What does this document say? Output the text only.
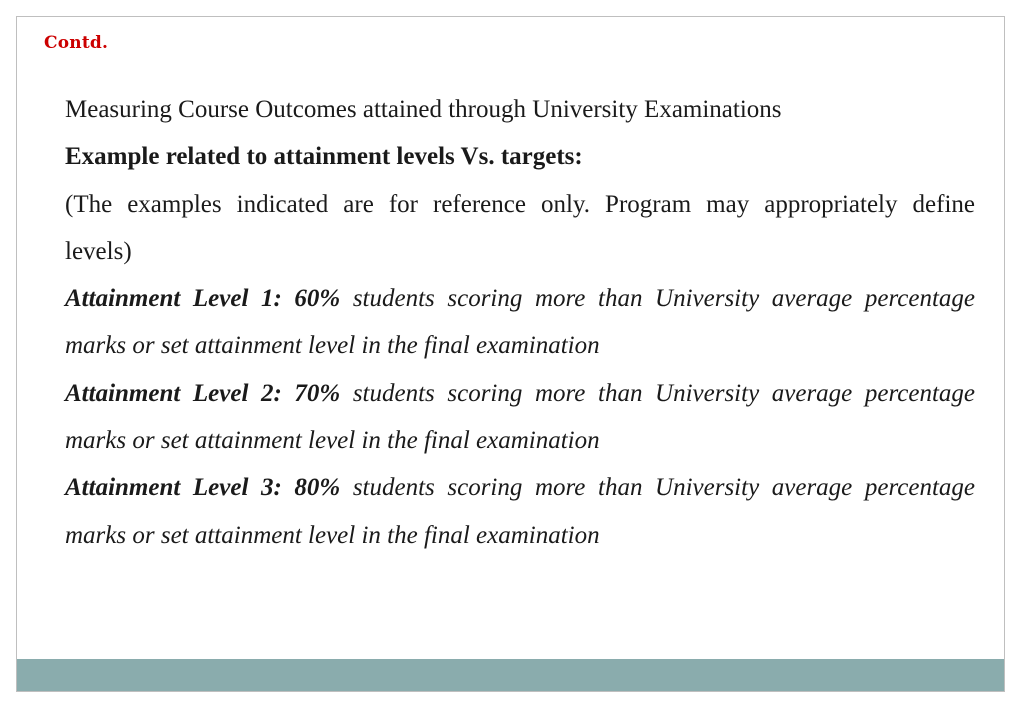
Contd.
Measuring Course Outcomes attained through University Examinations
Example related to attainment levels Vs. targets:
(The examples indicated are for reference only. Program may appropriately define
levels)
Attainment Level 1: 60% students scoring more than University average percentage
marks or set attainment level in the final examination
Attainment Level 2: 70% students scoring more than University average percentage
marks or set attainment level in the final examination
Attainment Level 3: 80% students scoring more than University average percentage
marks or set attainment level in the final examination
